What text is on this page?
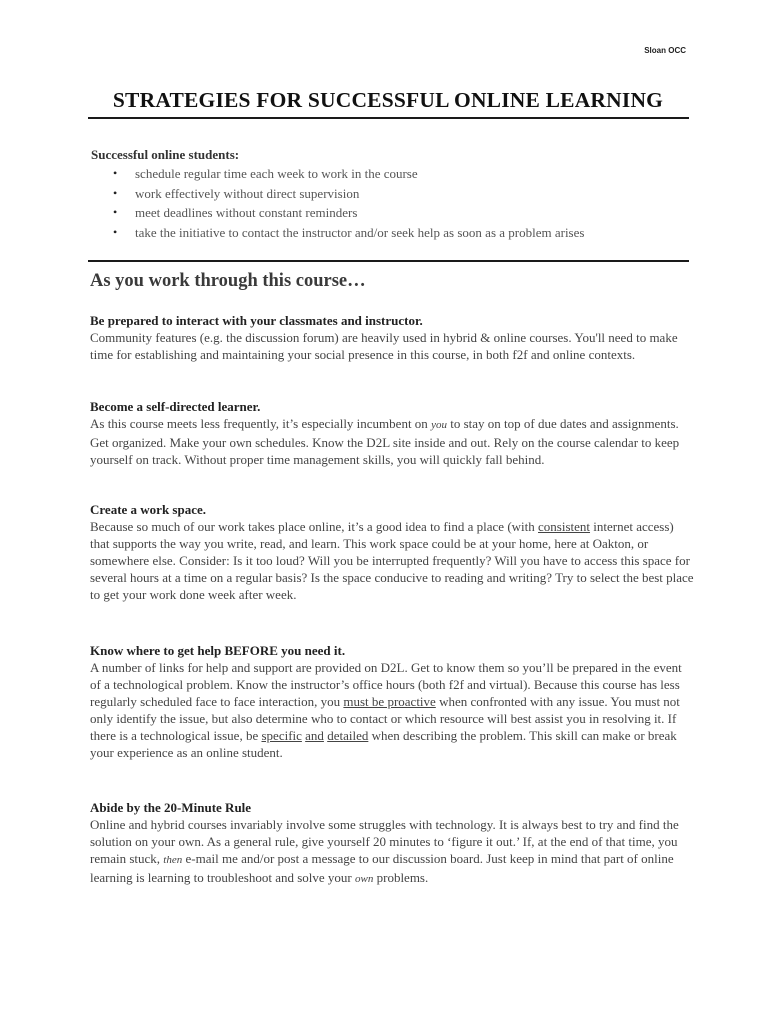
Sloan OCC
STRATEGIES FOR SUCCESSFUL ONLINE LEARNING
Successful online students:
• schedule regular time each week to work in the course
• work effectively without direct supervision
• meet deadlines without constant reminders
• take the initiative to contact the instructor and/or seek help as soon as a problem arises
As you work through this course…
Be prepared to interact with your classmates and instructor.

Community features (e.g. the discussion forum) are heavily used in hybrid & online courses. You'll need to make time for establishing and maintaining your social presence in this course, in both f2f and online contexts.

Become a self-directed learner.

As this course meets less frequently, it’s especially incumbent on you to stay on top of due dates and assignments. Get organized. Make your own schedules. Know the D2L site inside and out. Rely on the course calendar to keep yourself on track. Without proper time management skills, you will quickly fall behind.

Create a work space.

Because so much of our work takes place online, it’s a good idea to find a place (with consistent internet access) that supports the way you write, read, and learn. This work space could be at your home, here at Oakton, or somewhere else. Consider: Is it too loud? Will you be interrupted frequently? Will you have to access this space for several hours at a time on a regular basis? Is the space conducive to reading and writing? Try to select the best place to get your work done week after week.

Know where to get help BEFORE you need it.

A number of links for help and support are provided on D2L. Get to know them so you’ll be prepared in the event of a technological problem. Know the instructor’s office hours (both f2f and virtual). Because this course has less regularly scheduled face to face interaction, you must be proactive when confronted with any issue. You must not only identify the issue, but also determine who to contact or which resource will best assist you in resolving it. If there is a technological issue, be specific and detailed when describing the problem. This skill can make or break your experience as an online student.

Abide by the 20-Minute Rule

Online and hybrid courses invariably involve some struggles with technology. It is always best to try and find the solution on your own. As a general rule, give yourself 20 minutes to ‘figure it out.’ If, at the end of that time, you remain stuck, then e-mail me and/or post a message to our discussion board. Just keep in mind that part of online learning is learning to troubleshoot and solve your own problems.
